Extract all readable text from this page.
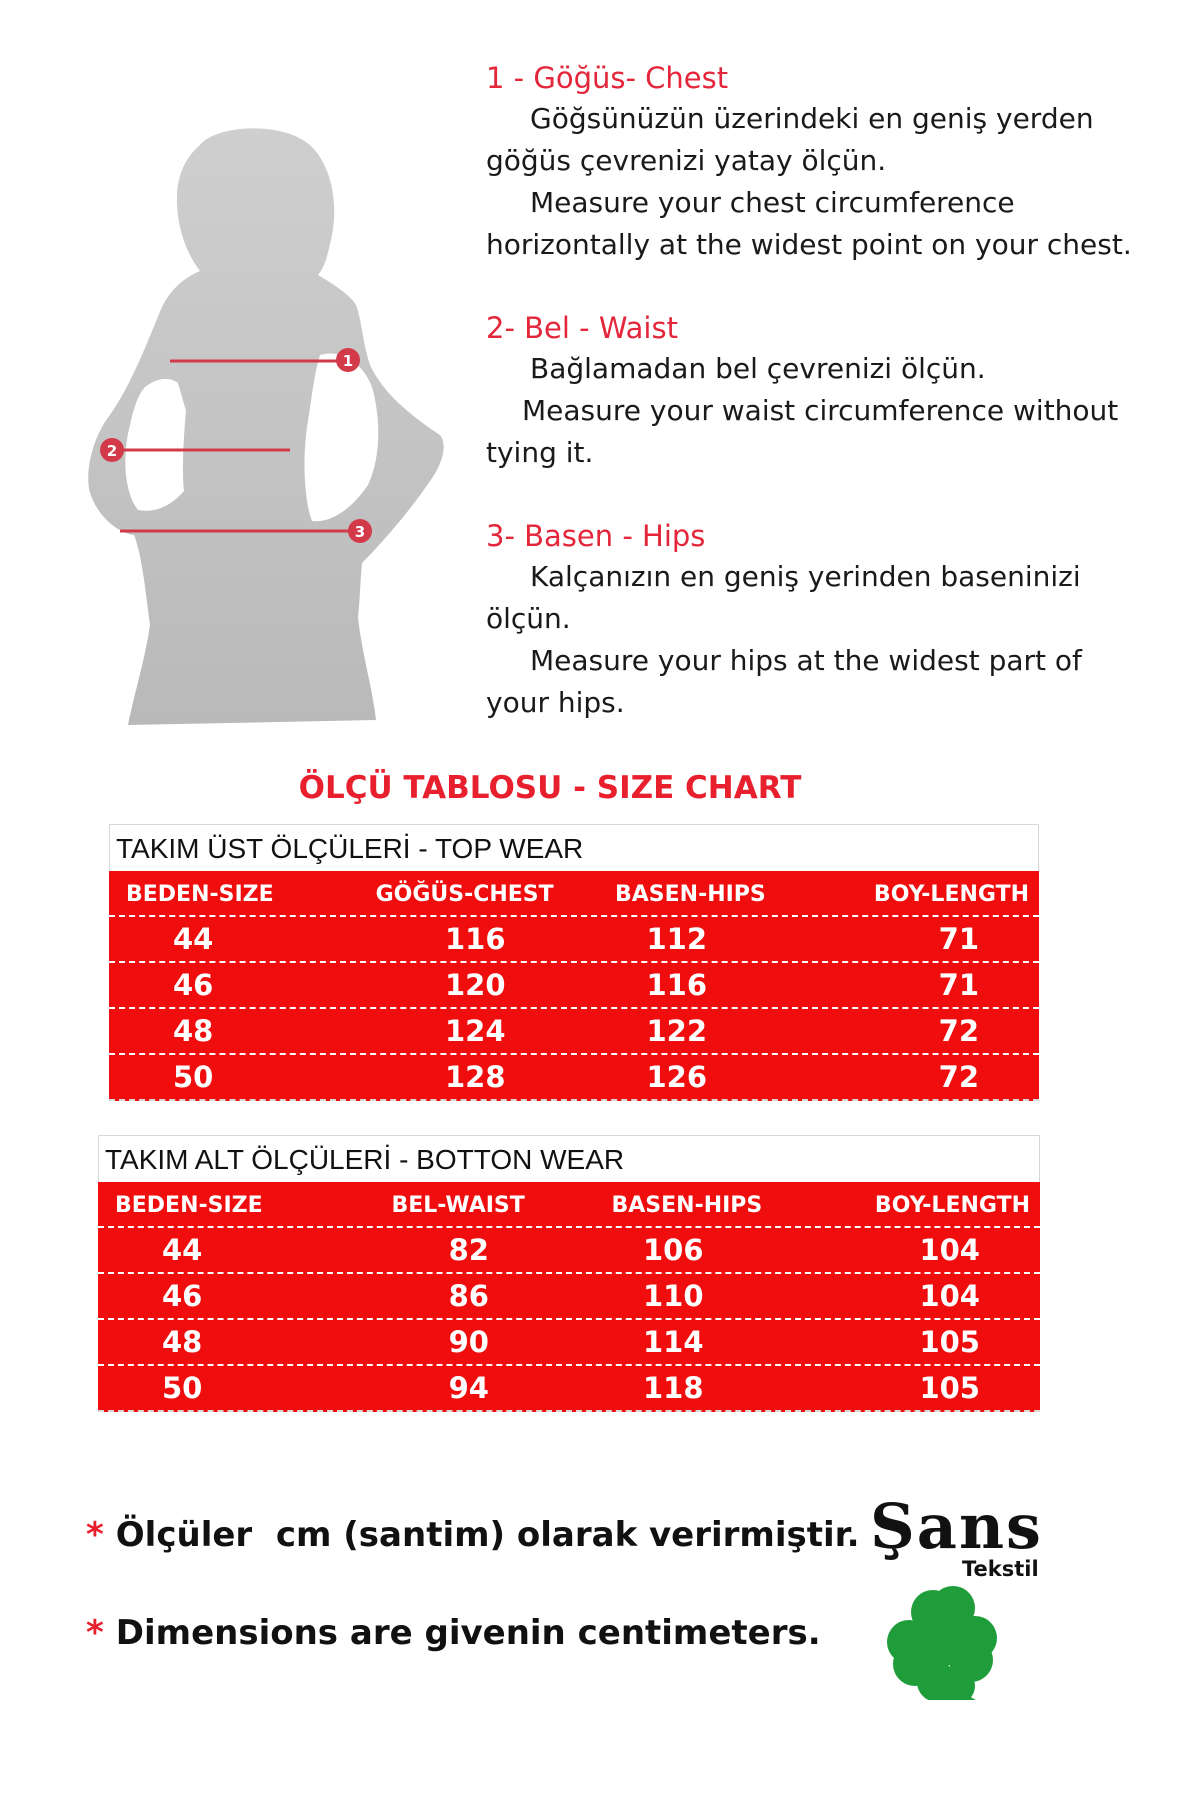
1
2
3
1 - Göğüs- Chest
Göğsünüzün üzerindeki en geniş yerden
göğüs çevrenizi yatay ölçün.
Measure your chest circumference
horizontally at the widest point on your chest.
2- Bel - Waist
Bağlamadan bel çevrenizi ölçün.
Measure your waist circumference without
tying it.
3- Basen - Hips
Kalçanızın en geniş yerinden baseninizi
ölçün.
Measure your hips at the widest part of
your hips.
ÖLÇÜ TABLOSU - SIZE CHART
TAKIM ÜST ÖLÇÜLERİ - TOP WEAR
BEDEN-SIZE	GÖĞÜS-CHEST	BASEN-HIPS	BOY-LENGTH
44	116	112	71
46	120	116	71
48	124	122	72
50	128	126	72
TAKIM ALT ÖLÇÜLERİ - BOTTON WEAR
BEDEN-SIZE	BEL-WAIST	BASEN-HIPS	BOY-LENGTH
44	82	106	104
46	86	110	104
48	90	114	105
50	94	118	105
* Ölçüler  cm (santim) olarak verirmiştir.
* Dimensions are givenin centimeters.
Şans
Tekstil
